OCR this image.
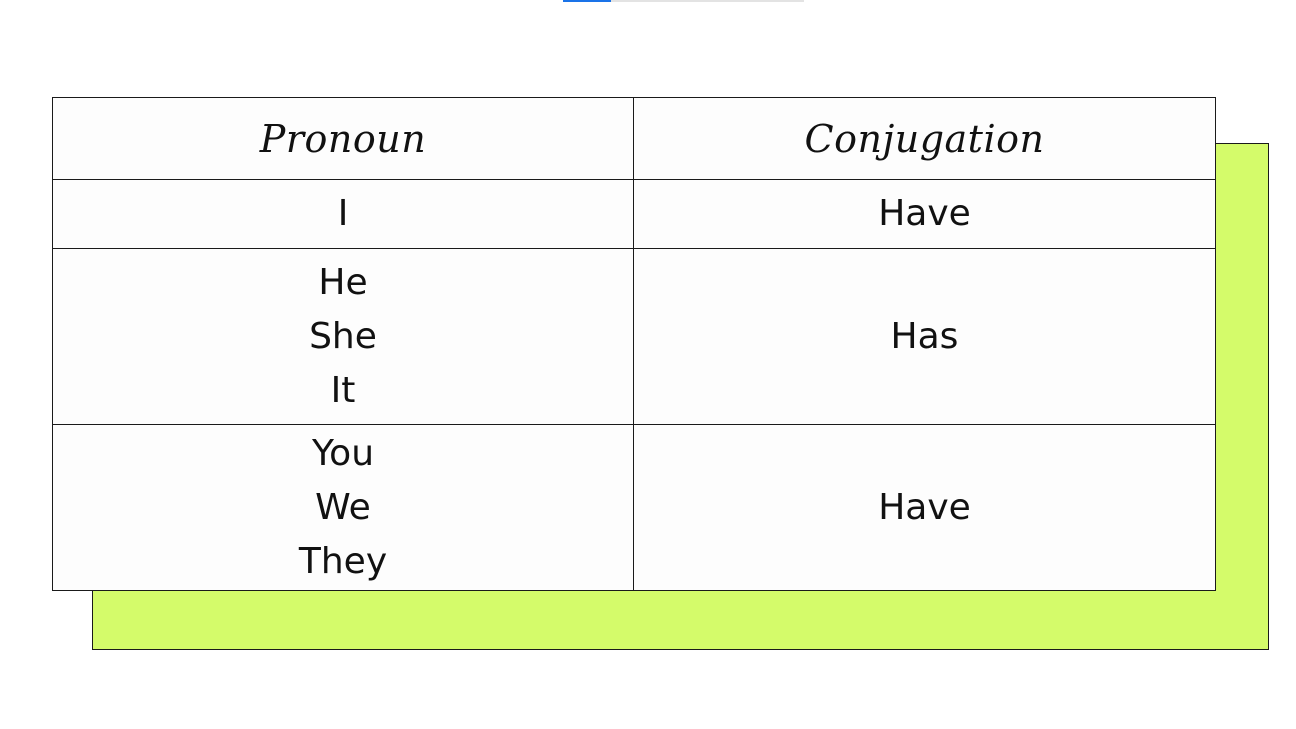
Pronoun	Conjugation

I	Have

He
She
It	Has

You
We
They	Have
